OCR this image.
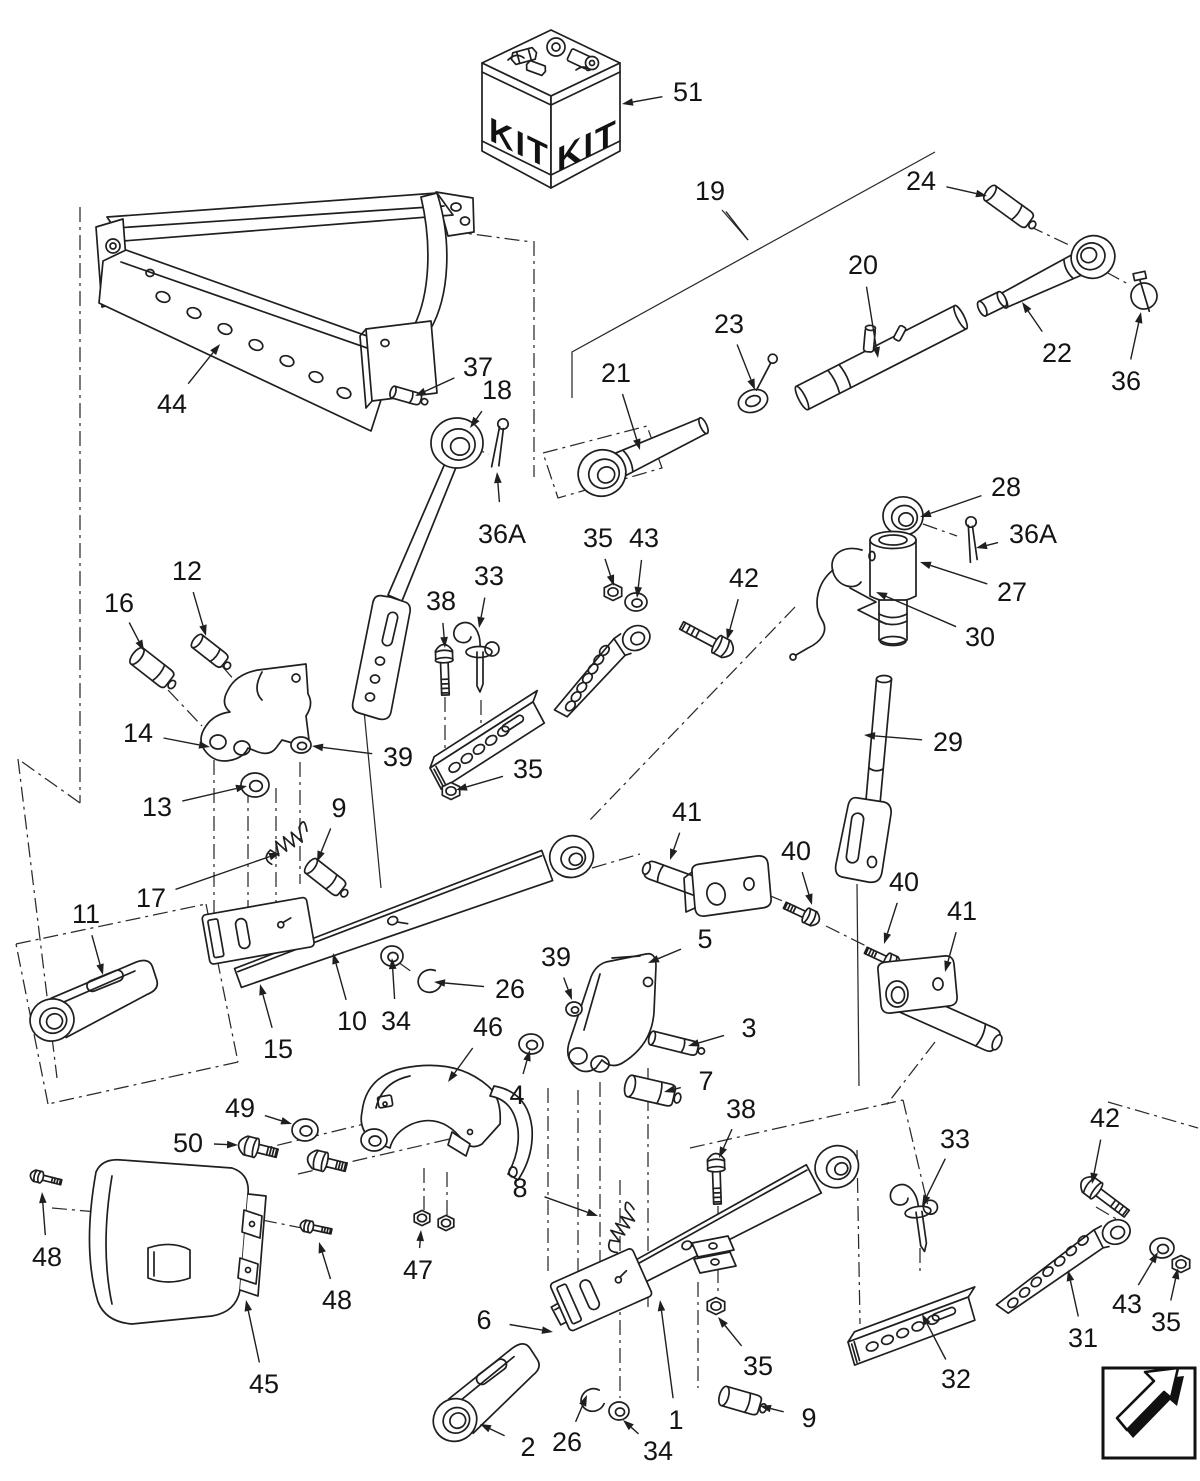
KIT KIT
51
19	24
20
23
22
36
21
44
37
18
36A
12
16	38
33
35 43
42
28
36A
27
30
14
39
13
35
29
9
17
41
40
40
41
11
10 34
26
15
46
39
5
3
7
4
49
50
48
48
47
45
8
6
2 26 34
1
35
9
38
33
42
32
31
43
35
